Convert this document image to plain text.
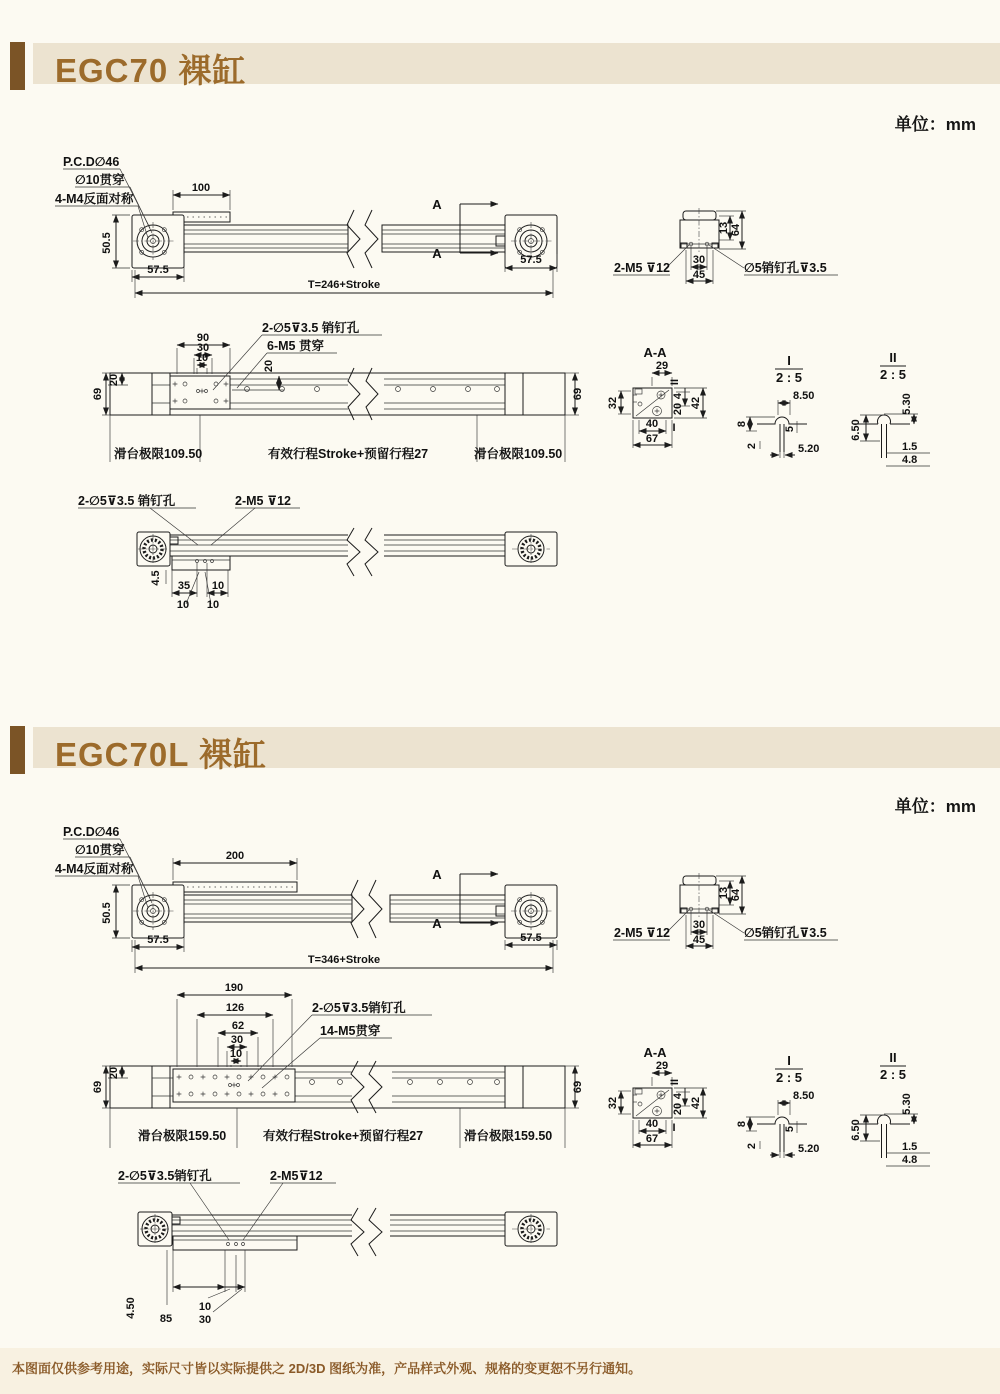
EGC70 裸缸
单位：mm
EGC70L 裸缸
单位：mm
本图面仅供参考用途，实际尺寸皆以实际提供之 2D/3D 图纸为准，产品样式外观、规格的变更恕不另行通知。
P.C.D∅46
∅10贯穿
4-M4反面对称
100
50.5
57.5
57.5
T=246+Stroke
A
A
2-M5 ⊽12	∅5销钉孔⊽3.5
30
45
13 64
90
30
10
2-∅5⊽3.5 销钉孔
6-M5 贯穿
20
20
69	69
滑台极限109.50	有效行程Stroke+预留行程27	滑台极限109.50
A-A
29
32
40
67
II
4
20 42
I
I
2 : 5
8.50
8
5
2	5.20
II
2 : 5
5.30
6.50
1.5
4.8
2-∅5⊽3.5 销钉孔	2-M5 ⊽12
4.5
35 10
10 10
P.C.D∅46
∅10贯穿
4-M4反面对称
200
50.5
57.5	57.5
T=346+Stroke
A
A
2-M5 ⊽12	∅5销钉孔⊽3.5
30
45
13 64
190
126
62
30
10
2-∅5⊽3.5销钉孔
14-M5贯穿
20
69	69
滑台极限159.50	有效行程Stroke+预留行程27	滑台极限159.50
A-A
29
32
40
67
II
4
20 42
I
I
2 : 5
8.50
8
5
2	5.20
II
2 : 5
5.30
6.50
1.5
4.8
2-∅5⊽3.5销钉孔	2-M5⊽12
4.50
85
10
30
